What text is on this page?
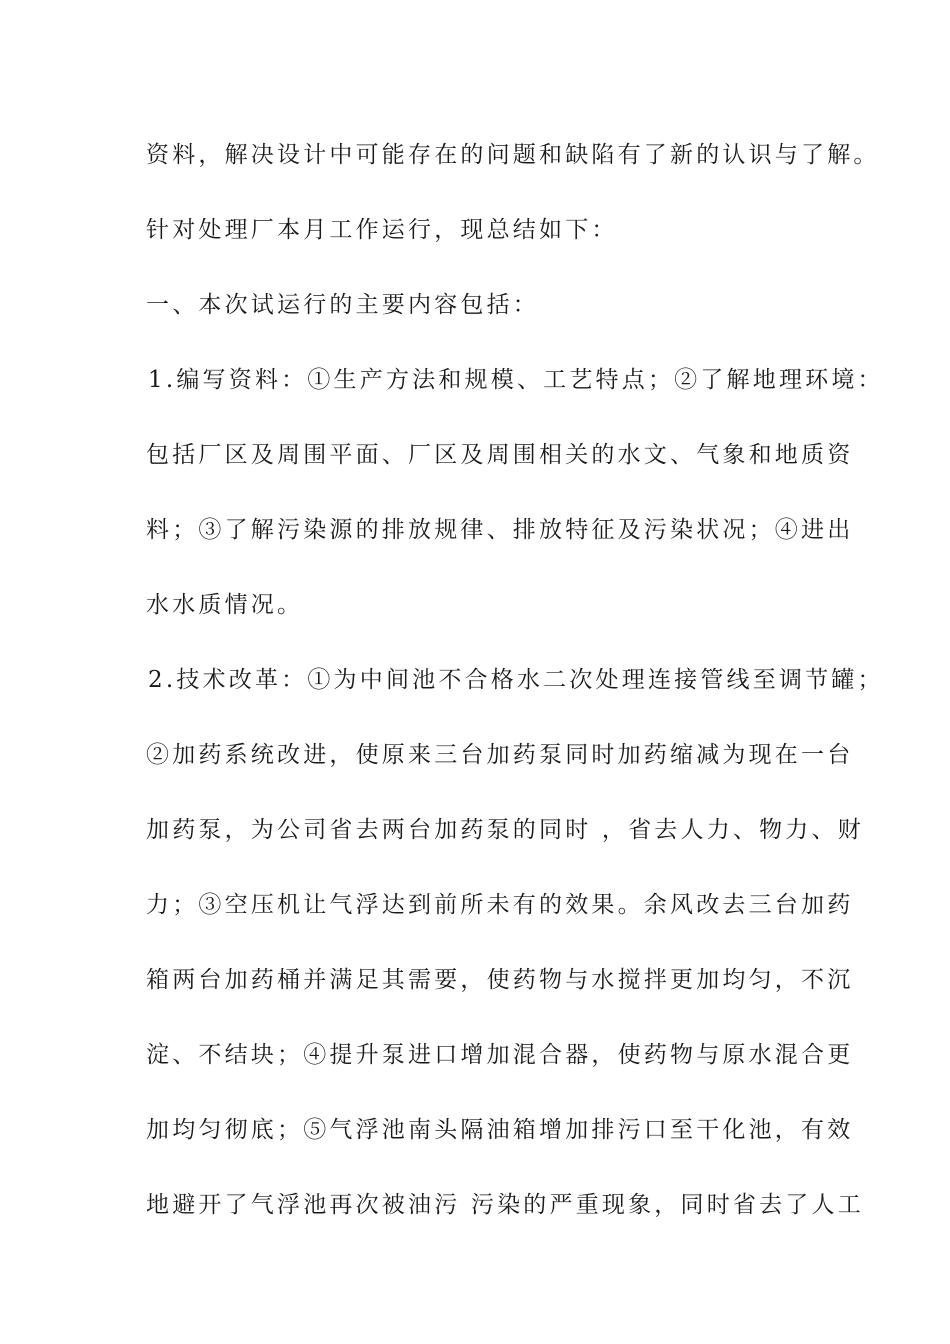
资料，解决设计中可能存在的问题和缺陷有了新的认识与了解。
针对处理厂本月工作运行，现总结如下：
一、本次试运行的主要内容包括：
1.编写资料：①生产方法和规模、工艺特点；②了解地理环境：
包括厂区及周围平面、厂区及周围相关的水文、气象和地质资
料；③了解污染源的排放规律、排放特征及污染状况；④进出
水水质情况。
2.技术改革：①为中间池不合格水二次处理连接管线至调节罐；
②加药系统改进，使原来三台加药泵同时加药缩减为现在一台
加药泵，为公司省去两台加药泵的同时 ，省去人力、物力、财
力；③空压机让气浮达到前所未有的效果。余风改去三台加药
箱两台加药桶并满足其需要，使药物与水搅拌更加均匀，不沉
淀、不结块；④提升泵进口增加混合器，使药物与原水混合更
加均匀彻底；⑤气浮池南头隔油箱增加排污口至干化池，有效
地避开了气浮池再次被油污 污染的严重现象，同时省去了人工
